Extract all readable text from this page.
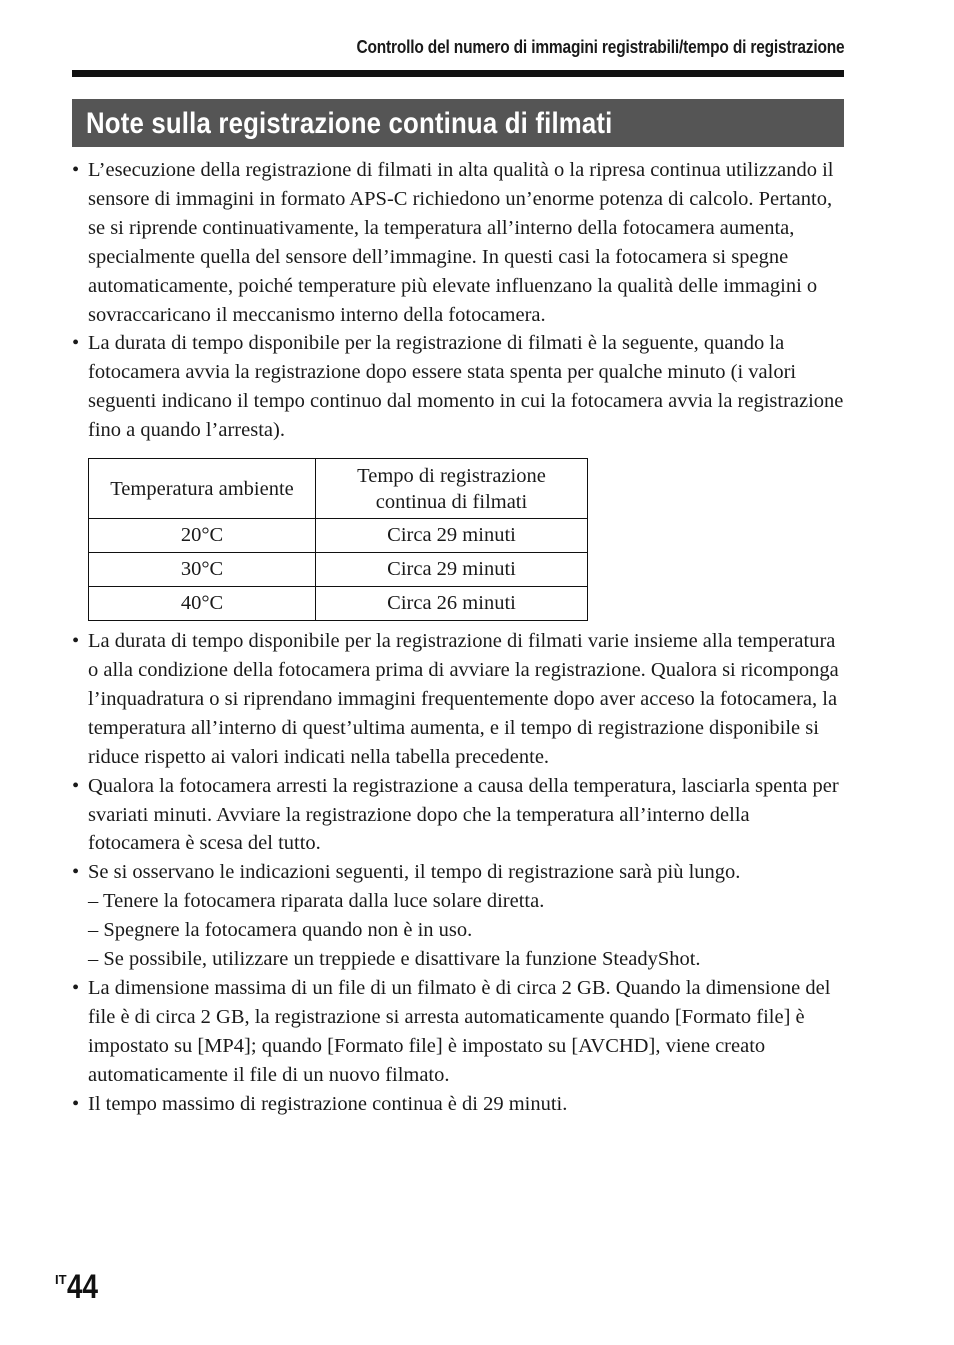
Controllo del numero di immagini registrabili/tempo di registrazione
Note sulla registrazione continua di filmati

• L’esecuzione della registrazione di filmati in alta qualità o la ripresa continua utilizzando il sensore di immagini in formato APS-C richiedono un’enorme potenza di calcolo. Pertanto, se si riprende continuativamente, la temperatura all’interno della fotocamera aumenta, specialmente quella del sensore dell’immagine. In questi casi la fotocamera si spegne automaticamente, poiché temperature più elevate influenzano la qualità delle immagini o sovraccaricano il meccanismo interno della fotocamera.

• La durata di tempo disponibile per la registrazione di filmati è la seguente, quando la fotocamera avvia la registrazione dopo essere stata spenta per qualche minuto (i valori seguenti indicano il tempo continuo dal momento in cui la fotocamera avvia la registrazione fino a quando l’arresta).

Temperatura ambiente	Tempo di registrazione continua di filmati
20°C	Circa 29 minuti
30°C	Circa 29 minuti
40°C	Circa 26 minuti

• La durata di tempo disponibile per la registrazione di filmati varie insieme alla temperatura o alla condizione della fotocamera prima di avviare la registrazione. Qualora si ricomponga l’inquadratura o si riprendano immagini frequentemente dopo aver acceso la fotocamera, la temperatura all’interno di quest’ultima aumenta, e il tempo di registrazione disponibile si riduce rispetto ai valori indicati nella tabella precedente.

• Qualora la fotocamera arresti la registrazione a causa della temperatura, lasciarla spenta per svariati minuti. Avviare la registrazione dopo che la temperatura all’interno della fotocamera è scesa del tutto.

• Se si osservano le indicazioni seguenti, il tempo di registrazione sarà più lungo.

– Tenere la fotocamera riparata dalla luce solare diretta.

– Spegnere la fotocamera quando non è in uso.

– Se possibile, utilizzare un treppiede e disattivare la funzione SteadyShot.

• La dimensione massima di un file di un filmato è di circa 2 GB. Quando la dimensione del file è di circa 2 GB, la registrazione si arresta automaticamente quando [Formato file] è impostato su [MP4]; quando [Formato file] è impostato su [AVCHD], viene creato automaticamente il file di un nuovo filmato.

• Il tempo massimo di registrazione continua è di 29 minuti.

$^{IT}$44
